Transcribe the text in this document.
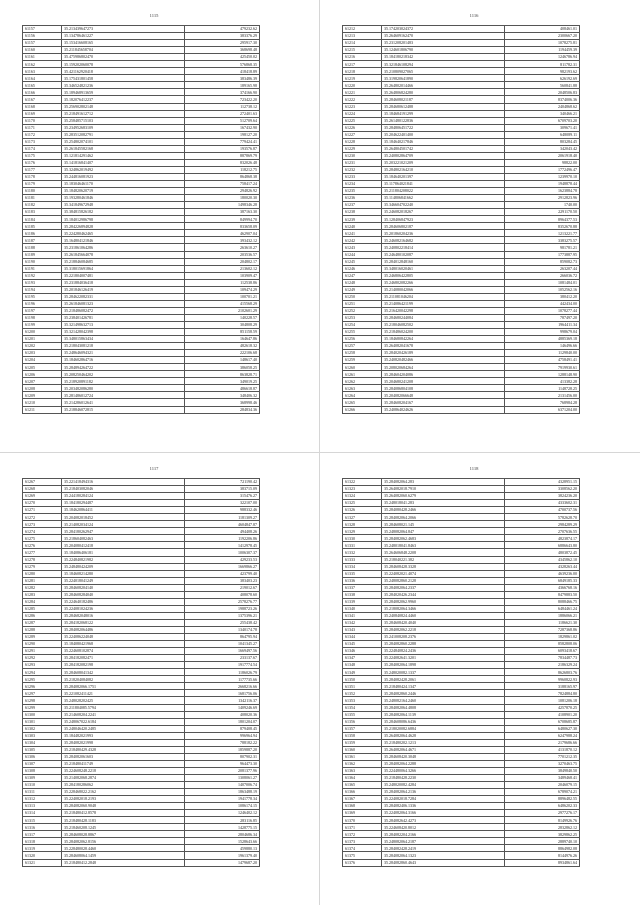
1115
61157	35.213439647273	479232.62
61156	35.134786461227	383376.29
61157	35.153416608165	295917.30
61160	35.211845658704	368698.48
61161	35.475986802470	425450.02
61162	35.159202060078	576868.35
61163	35.421162920418	418418.89
61164	35.175431801458	383486.39
61165	35.346524821236	189165.98
61166	35.189468913659	374166.90
61167	35.182076412237	723422.20
61168	35.256902802148	112738.12
61169	35.218491612712	272401.63
61170	35.258485715103	512709.64
61171	35.234952683109	167432.90
61172	35.283512082791	198127.20
61173	35.254802074101	779424.41
61174	35.261845582168	193576.87
61175	35.121814291462	887869.79
61176	35.141816841407	832026.48
61177	35.324862019492	118212.75
61178	35.244816081923	864868.38
61179	35.183046461170	758417.24
61180	35.184820620719	294826.92
61181	35.193280461846	180020.30
61182	35.341849672948	1498346.28
61183	35.384815826182	387163.30
61184	35.184012986798	849994.70
61185	35.284226894828	833658.09
61186	35.224280462465	462907.04
61187	35.164804121846	393432.12
61188	35.231861064286	263610.27
61189	35.261845664078	203536.57
61190	35.218846084685	204802.17
61191	35.318015691864	213602.12
61192	35.221804007481	103909.47
61193	35.231884036418	112538.86
61194	35.201846126419	109474.29
61195	35.284622082331	100701.21
61196	35.261846081323	415568.29
61197	35.218486082472	2102601.29
61198	35.238401426781	140228.57
61199	35.321498632713	304808.29
61200	35.321428042398	851158.59
61201	35.348015863434	164647.86
61202	35.218043081218	482618.32
61203	35.248646094321	222106.68
61204	35.184602864716	148617.40
61205	35.284894264722	386058.25
61206	35.208250464202	863828.71
61207	35.218920891182	349019.25
61208	35.203482086280	486618.87
61209	35.281486012724	348406.32
61210	35.214286012641	368998.46
61211	35.218846072815	284834.36
1116
61212	35.174203024372	408461.01
61213	35.264609162470	2300667.20
61214	35.231208201483	1078275.81
61215	35.124601806790	1194459.39
61216	35.184180218342	1246786.94
61217	35.321846108294	811782.31
61218	35.210809027065	982193.62
61219	35.319820641890	626192.69
61220	35.264802014466	560841.88
61221	35.264806824280	2048506.83
61222	35.284608021187	8374006.36
61223	35.284680612488	2404868.62
61224	35.184684191299	340466.21
61225	35.261480122836	6709703.20
61226	35.284806451722	309671.41
61227	35.204622401400	648089.11
61228	35.184640217846	803284.45
61229	35.264804501742	342043.42
61230	35.240802864709	2061918.40
61231	35.203221021209	98822.00
61232	35.284802164210	1772496.47
61233	35.184640201397	1239970.10
61234	35.117864021841	1948878.44
61235	35.211804208022	1623884.78
61236	35.114806841662	2912823.96
61237	35.346604702240	1740.00
61238	35.246082018267	2291170.50
61239	35.128406847923	8964377.53
61240	35.284606802187	8352670.88
61241	35.201860204236	1213221.77
61242	35.246082164682	3383275.57
61243	35.240802218414	981781.21
61244	35.246480102087	1773887.95
61245	35.284012848160	859082.73
61246	35.348016020461	263207.44
61247	35.246806422805	266036.72
61248	35.246802082266	1081484.01
61249	35.214080042066	1052562.16
61250	35.211081046204	380412.20
61251	35.214086421199	442434.00
61252	35.216420042298	1078277.44
61253	35.284680244084	787497.20
61254	35.218046082502	1964411.34
61255	35.218486024200	998679.04
61256	35.184680842264	4885369.18
61257	35.264082041678	146496.66
61258	35.284020426189	1129840.00
61259	35.240820482466	4758491.41
61260	35.208020684264	7919930.61
61261	35.284604204086	1288148.90
61262	35.204680241208	413382.28
61263	35.284086804108	1148728.25
61264	35.204082066648	2131456.00
61265	35.284608204167	768984.28
61266	35.240864024626	6371204.00
1117
61267	35.221418494316	721190.42
61268	35.218403082046	383715.09
61269	35.244180284124	315476.27
61270	35.184180294487	322107.00
61271	35.184620864411	988332.46
61272	35.204082018452	1181309.27
61273	35.214082034124	4604847.87
61274	35.284180262947	494408.26
61275	35.218604082463	1192206.86
61276	35.204080412418	1412978.45
61277	35.184086406181	1006307.37
61278	35.224840821982	429233.53
61279	35.248480424209	1669866.27
61280	35.184608214280	423799.40
61281	35.224018041249	383403.23
61282	35.284608204140	219012.67
61283	35.284608284040	408078.60
61284	35.224640182486	2578276.77
61285	35.224081024236	1988723.26
61286	35.284682048016	1375396.21
61287	35.284182068122	255438.42
61288	35.284082064486	1340174.78
61289	35.224086224048	864795.94
61290	35.184080421968	1041345.27
61291	35.224608102874	1669497.56
61292	35.284182082471	233137.67
61293	35.284182082198	1917774.54
61294	35.284608041342	1186026.79
61295	35.218204084082	1177735.66
61296	35.284082066.1751	2668216.66
61297	35.221082411421	1681756.06
61298	35.248028202425	1342116.37
61299	35.211804085.5794	1409246.69
61300	35.214608204.2241	408020.36
61301	35.248067022.6184	1801204.07
61302	35.248046420.2485	879408.45
61303	35.184482021993	996964.94
61304	35.284082021998	788182.22
61305	35.218480429.4328	1859887.20
61306	35.284082061603	807902.31
61307	35.218480411749	964473.30
61308	35.224608248.2218	2081377.96
61309	35.214082068.2874	1308061.27
61310	35.284180286062	1407006.74
61311	35.228468022.2162	1863488.19
61312	35.224082018.2193	1941778.34
61313	35.284082060.9048	1086174.15
61314	35.218480412.8578	1246402.12
61315	35.218480428.1183	283116.85
61316	35.218460208.1245	1428775.15
61317	35.284608028.8867	2804686.34
61318	35.284082062.8156	1528643.66
61319	35.228480028.4460	459880.13
61320	35.284608064.1459	1961379.40
61321	35.218480412.2848	1479687.20
1118
61322	35.284082064.283	4328951.15
61323	35.264082018.7910	3308562.20
61324	35.264082060.6279	3824236.20
61325	35.248018041.283	4333602.31
61326	35.284080428.2466	4700737.56
61327	35.284082064.2066	5782628.70
61328	35.284608021.145	2984289.29
61329	35.248082064.847	2707636.55
61330	35.284082062.4683	4823874.17
61331	35.248018041.8463	6886643.80
61332	35.264606848.2208	4803872.45
61333	35.218040221.382	4345862.10
61334	35.284608428.3328	4328263.44
61335	35.224082021.4074	4639236.00
61336	35.248082860.2128	6849185.33
61337	35.284082064.2337	4366768.16
61338	35.284020426.2344	8479883.50
61339	35.284082062.9960	8088466.75
61340	35.218082064.3466	6484461.24
61341	35.240840824.4460	1886066.21
61342	35.284608420.4040	1186621.30
61343	35.284082062.2218	7287368.86
61344	35.241008208.2376	1829861.02
61345	35.284082860.2288	8582808.06
61346	35.224840824.2436	6093418.67
61347	35.224082641.3201	7834487.73
61348	35.284082064.1898	2186329.24
61349	35.248020082.1337	8626803.76
61350	35.284082428.2061	9960822.93
61351	35.218480424.1347	3188165.97
61352	35.284082860.2446	7824884.80
61353	35.248082164.2460	1081206.18
61354	35.284082064.4808	4257870.25
61355	35.284082064.1139	4108901.20
61356	35.284608086.6436	6708685.87
61357	35.218020082.6884	6480627.30
61358	35.264082064.4628	6247988.24
61359	35.218480202.1213	2179686.66
61360	35.264082064.4671	4131870.12
61361	35.284608420.3048	7701212.35
61362	35.284082064.2288	3270463.75
61363	35.224480064.3266	3849840.50
61364	35.218480428.2230	3489468.41
61365	35.248020082.4284	2046079.15
61366	35.284082064.2136	6789074.21
61367	35.224082018.7284	8896482.55
61368	35.284082406.1336	6486202.33
61369	35.224082064.3166	2977276.17
61370	35.284082642.4273	8149926.76
61371	35.224608420.8012	2832862.12
61372	35.284082204.2166	3829862.25
61373	35.248082064.2187	2889740.10
61374	35.284082428.2419	8864982.08
61375	35.284082064.1323	8144976.26
61376	35.284082860.4643	8934861.64
